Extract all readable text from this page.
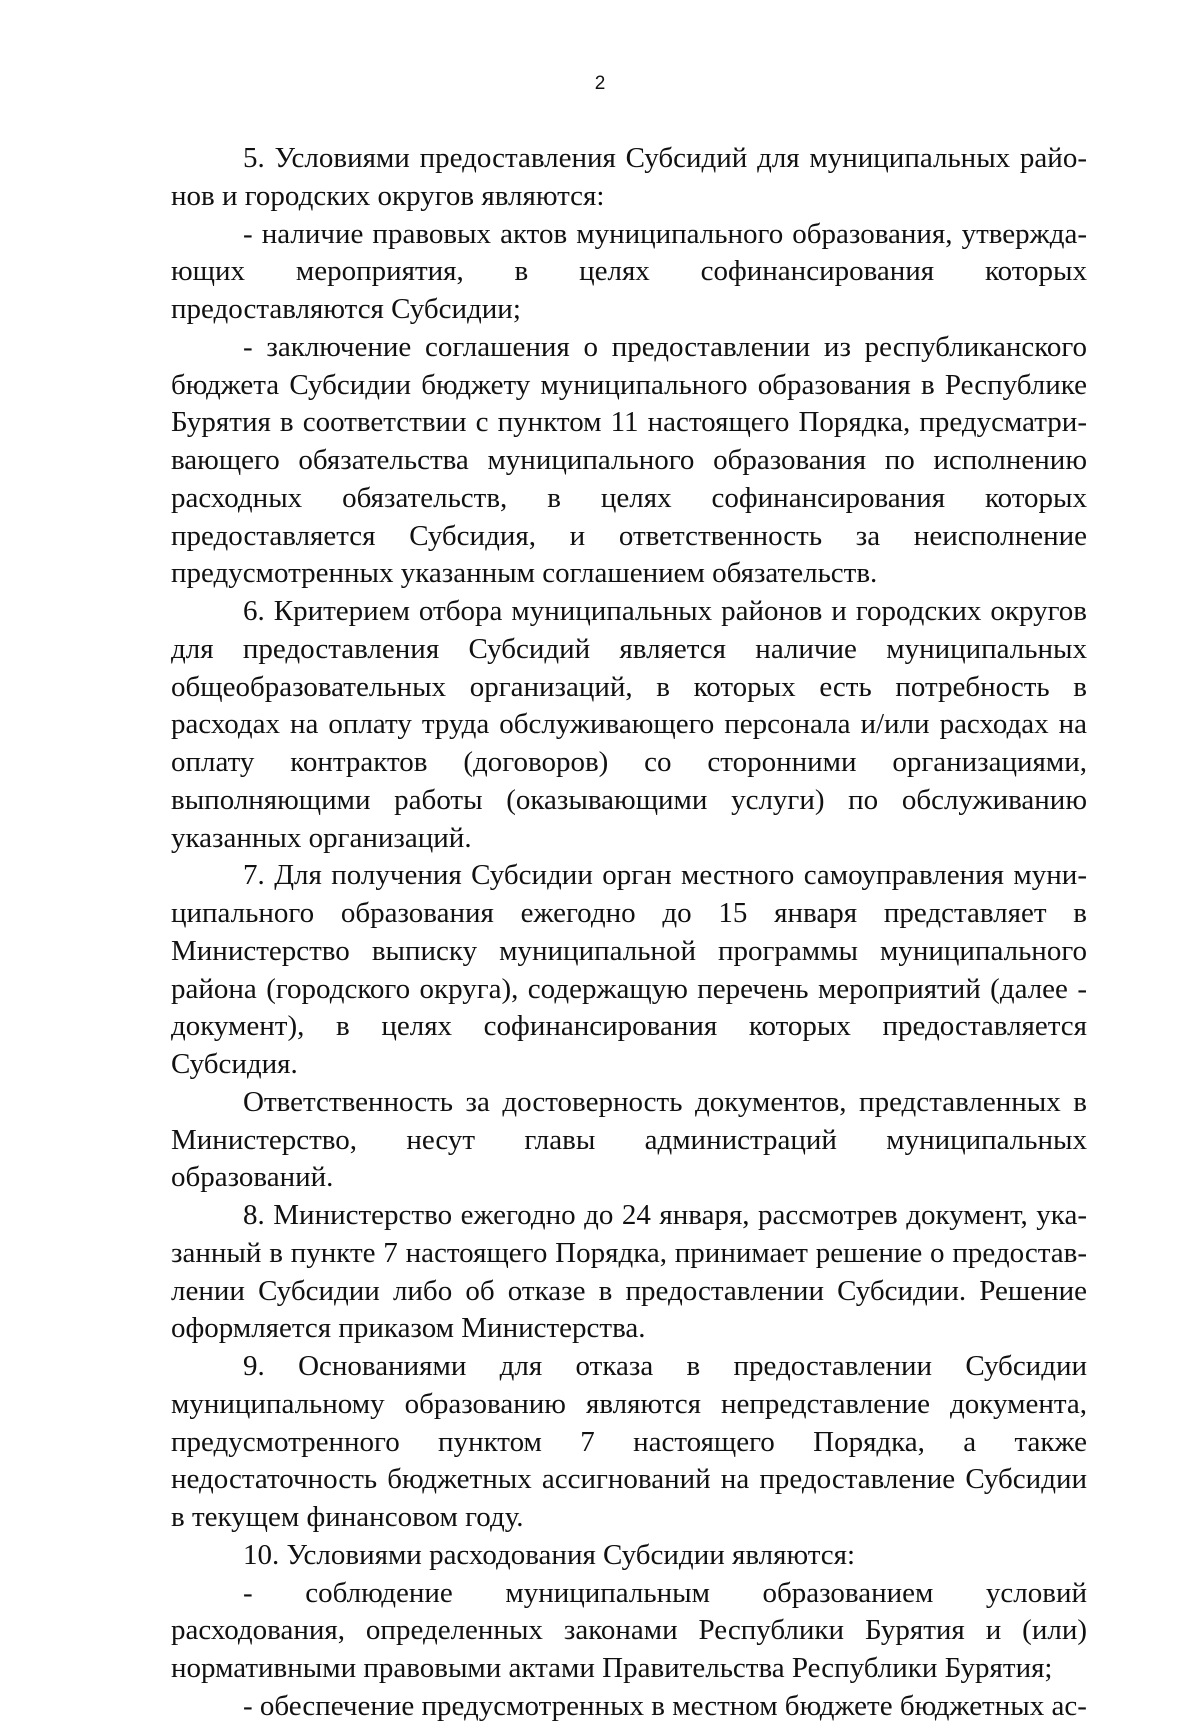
2

5. Условиями предоставления Субсидий для муниципальных районов и городских округов являются:

- наличие правовых актов муниципального образования, утверждающих мероприятия, в целях софинансирования которых предоставляются Субсидии;

- заключение соглашения о предоставлении из республиканского бюджета Субсидии бюджету муниципального образования в Республике Бурятия в соответствии с пунктом 11 настоящего Порядка, предусматривающего обязательства муниципального образования по исполнению расходных обязательств, в целях софинансирования которых предоставляется Субсидия, и ответственность за неисполнение предусмотренных указанным соглашением обязательств.

6. Критерием отбора муниципальных районов и городских округов для предоставления Субсидий является наличие муниципальных общеобразовательных организаций, в которых есть потребность в расходах на оплату труда обслуживающего персонала и/или расходах на оплату контрактов (договоров) со сторонними организациями, выполняющими работы (оказывающими услуги) по обслуживанию указанных организаций.

7. Для получения Субсидии орган местного самоуправления муниципального образования ежегодно до 15 января представляет в Министерство выписку муниципальной программы муниципального района (городского округа), содержащую перечень мероприятий (далее - документ), в целях софинансирования которых предоставляется Субсидия.

Ответственность за достоверность документов, представленных в Министерство, несут главы администраций муниципальных образований.

8. Министерство ежегодно до 24 января, рассмотрев документ, указанный в пункте 7 настоящего Порядка, принимает решение о предоставлении Субсидии либо об отказе в предоставлении Субсидии. Решение оформляется приказом Министерства.

9. Основаниями для отказа в предоставлении Субсидии муниципальному образованию являются непредставление документа, предусмотренного пунктом 7 настоящего Порядка, а также недостаточность бюджетных ассигнований на предоставление Субсидии в текущем финансовом году.

10. Условиями расходования Субсидии являются:

- соблюдение муниципальным образованием условий расходования, определенных законами Республики Бурятия и (или) нормативными правовыми актами Правительства Республики Бурятия;

- обеспечение предусмотренных в местном бюджете бюджетных ас-
